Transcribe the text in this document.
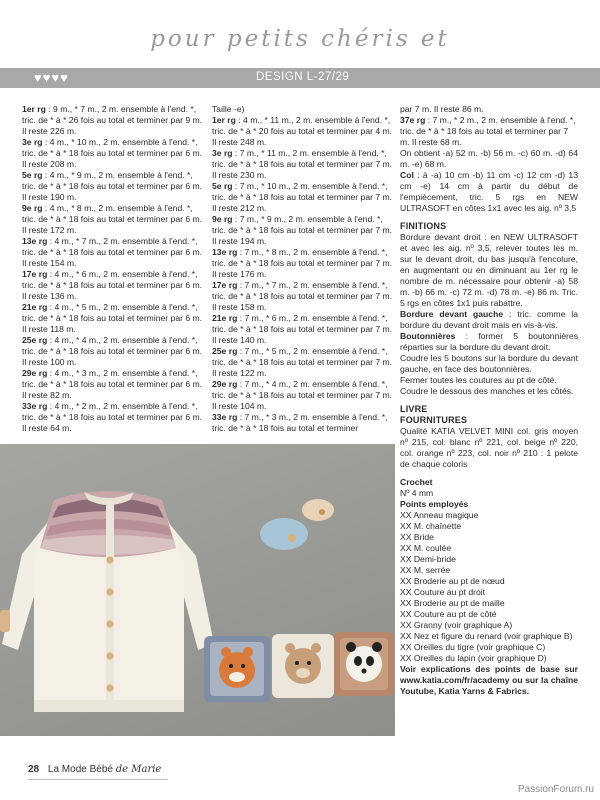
pour petits chéris et
♥ ♥ ♥ ♥	DESIGN L-27/29

1er rg : 9 m., * 7 m., 2 m. ensemble à l'end. *, tric. de * à * 26 fois au total et terminer par 9 m. Il reste 226 m.

3e rg : 4 m., * 10 m., 2 m. ensemble à l'end. *, tric. de * à * 18 fois au total et terminer par 6 m. Il reste 208 m.

5e rg : 4 m., * 9 m., 2 m. ensemble à l'end. *, tric. de * à * 18 fois au total et terminer par 6 m. Il reste 190 m.

9e rg : 4 m., * 8 m., 2 m. ensemble à l'end. *, tric. de * à * 18 fois au total et terminer par 6 m. Il reste 172 m.

13e rg : 4 m., * 7 m., 2 m. ensemble à l'end. *, tric. de * à * 18 fois au total et terminer par 6 m. Il reste 154 m.

17e rg : 4 m., * 6 m., 2 m. ensemble à l'end. *, tric. de * à * 18 fois au total et terminer par 6 m. Il reste 136 m.

21e rg : 4 m., * 5 m., 2 m. ensemble à l'end. *, tric. de * à * 18 fois au total et terminer par 6 m. Il reste 118 m.

25e rg : 4 m., * 4 m., 2 m. ensemble à l'end. *, tric. de * à * 18 fois au total et terminer par 6 m. Il reste 100 m.

29e rg : 4 m., * 3 m., 2 m. ensemble à l'end. *, tric. de * à * 18 fois au total et terminer par 6 m. Il reste 82 m.

33e rg : 4 m., * 2 m., 2 m. ensemble à l'end. *, tric. de * à * 18 fois au total et terminer par 6 m. Il reste 64 m.

Taille -e)

1er rg : 4 m., * 11 m., 2 m. ensemble à l'end. *, tric. de * à * 20 fois au total et terminer par 4 m. Il reste 248 m.

3e rg : 7 m., * 11 m., 2 m. ensemble à l'end. *, tric. de * à * 18 fois au total et terminer par 7 m. Il reste 230 m.

5e rg : 7 m., * 10 m., 2 m. ensemble à l'end. *, tric. de * à * 18 fois au total et terminer par 7 m. Il reste 212 m.

9e rg : 7 m., * 9 m., 2 m. ensemble à l'end. *, tric. de * à * 18 fois au total et terminer par 7 m. Il reste 194 m.

13e rg : 7 m., * 8 m., 2 m. ensemble à l'end. *, tric. de * à * 18 fois au total et terminer par 7 m. Il reste 176 m.

17e rg : 7 m., * 7 m., 2 m. ensemble à l'end. *, tric. de * à * 18 fois au total et terminer par 7 m. Il reste 158 m.

21e rg : 7 m., * 6 m., 2 m. ensemble à l'end. *, tric. de * à * 18 fois au total et terminer par 7 m. Il reste 140 m.

25e rg : 7 m., * 5 m., 2 m. ensemble à l'end. *, tric. de * à * 18 fois au total et terminer par 7 m. Il reste 122 m.

29e rg : 7 m., * 4 m., 2 m. ensemble à l'end. *, tric. de * à * 18 fois au total et terminer par 7 m. Il reste 104 m.

33e rg : 7 m., * 3 m., 2 m. ensemble à l'end. *, tric. de * à * 18 fois au total et terminer

par 7 m. Il reste 86 m.

37e rg : 7 m., * 2 m., 2 m. ensemble à l'end. *, tric. de * à * 18 fois au total et terminer par 7 m. Il reste 68 m.

On obtient -a) 52 m. -b) 56 m. -c) 60 m. -d) 64 m. -e) 68 m.

Col : à -a) 10 cm -b) 11 cm -c) 12 cm -d) 13 cm -e) 14 cm à partir du début de l'empiècement, tric. 5 rgs en NEW ULTRASOFT en côtes 1x1 avec les aig. nº 3,5

FINITIONS

Bordure devant droit : en NEW ULTRASOFT et avec les aig. nº 3,5, relever toutes les m. sur le devant droit, du bas jusqu'à l'encolure, en augmentant ou en diminuant au 1er rg le nombre de m. nécessaire pour obtenir -a) 58 m. -b) 66 m. -c) 72 m. -d) 78 m. -e) 86 m. Tric. 5 rgs en côtes 1x1 puis rabattre.

Bordure devant gauche : tric. comme la bordure du devant droit mais en vis-à-vis.

Boutonnières : former 5 boutonnières réparties sur la bordure du devant droit.

Coudre les 5 boutons sur la bordure du devant gauche, en face des boutonnières.

Fermer toutes les coutures au pt de côté.

Coudre le dessous des manches et les côtés.

LIVRE

FOURNITURES

Qualité KATIA VELVET MINI col. gris moyen nº 215, col. blanc nº 221, col. beige nº 220, col. orange nº 223, col. noir nº 210 : 1 pelote de chaque coloris

Crochet

Nº 4 mm

Points employés

XX Anneau magique

XX M. chaînette

XX Bride

XX M. coulée

XX Demi-bride

XX M. serrée

XX Broderie au pt de nœud

XX Couture au pt droit

XX Broderie au pt de maille

XX Couture au pt de côté

XX Granny (voir graphique A)

XX Nez et figure du renard (voir graphique B)

XX Oreilles du tigre (voir graphique C)

XX Oreilles du lapin (voir graphique D)

Voir explications des points de base sur www.katia.com/fr/academy ou sur la chaîne Youtube, Katia Yarns & Fabrics.

28 La Mode Bébé de Marie
PassionForum.ru
